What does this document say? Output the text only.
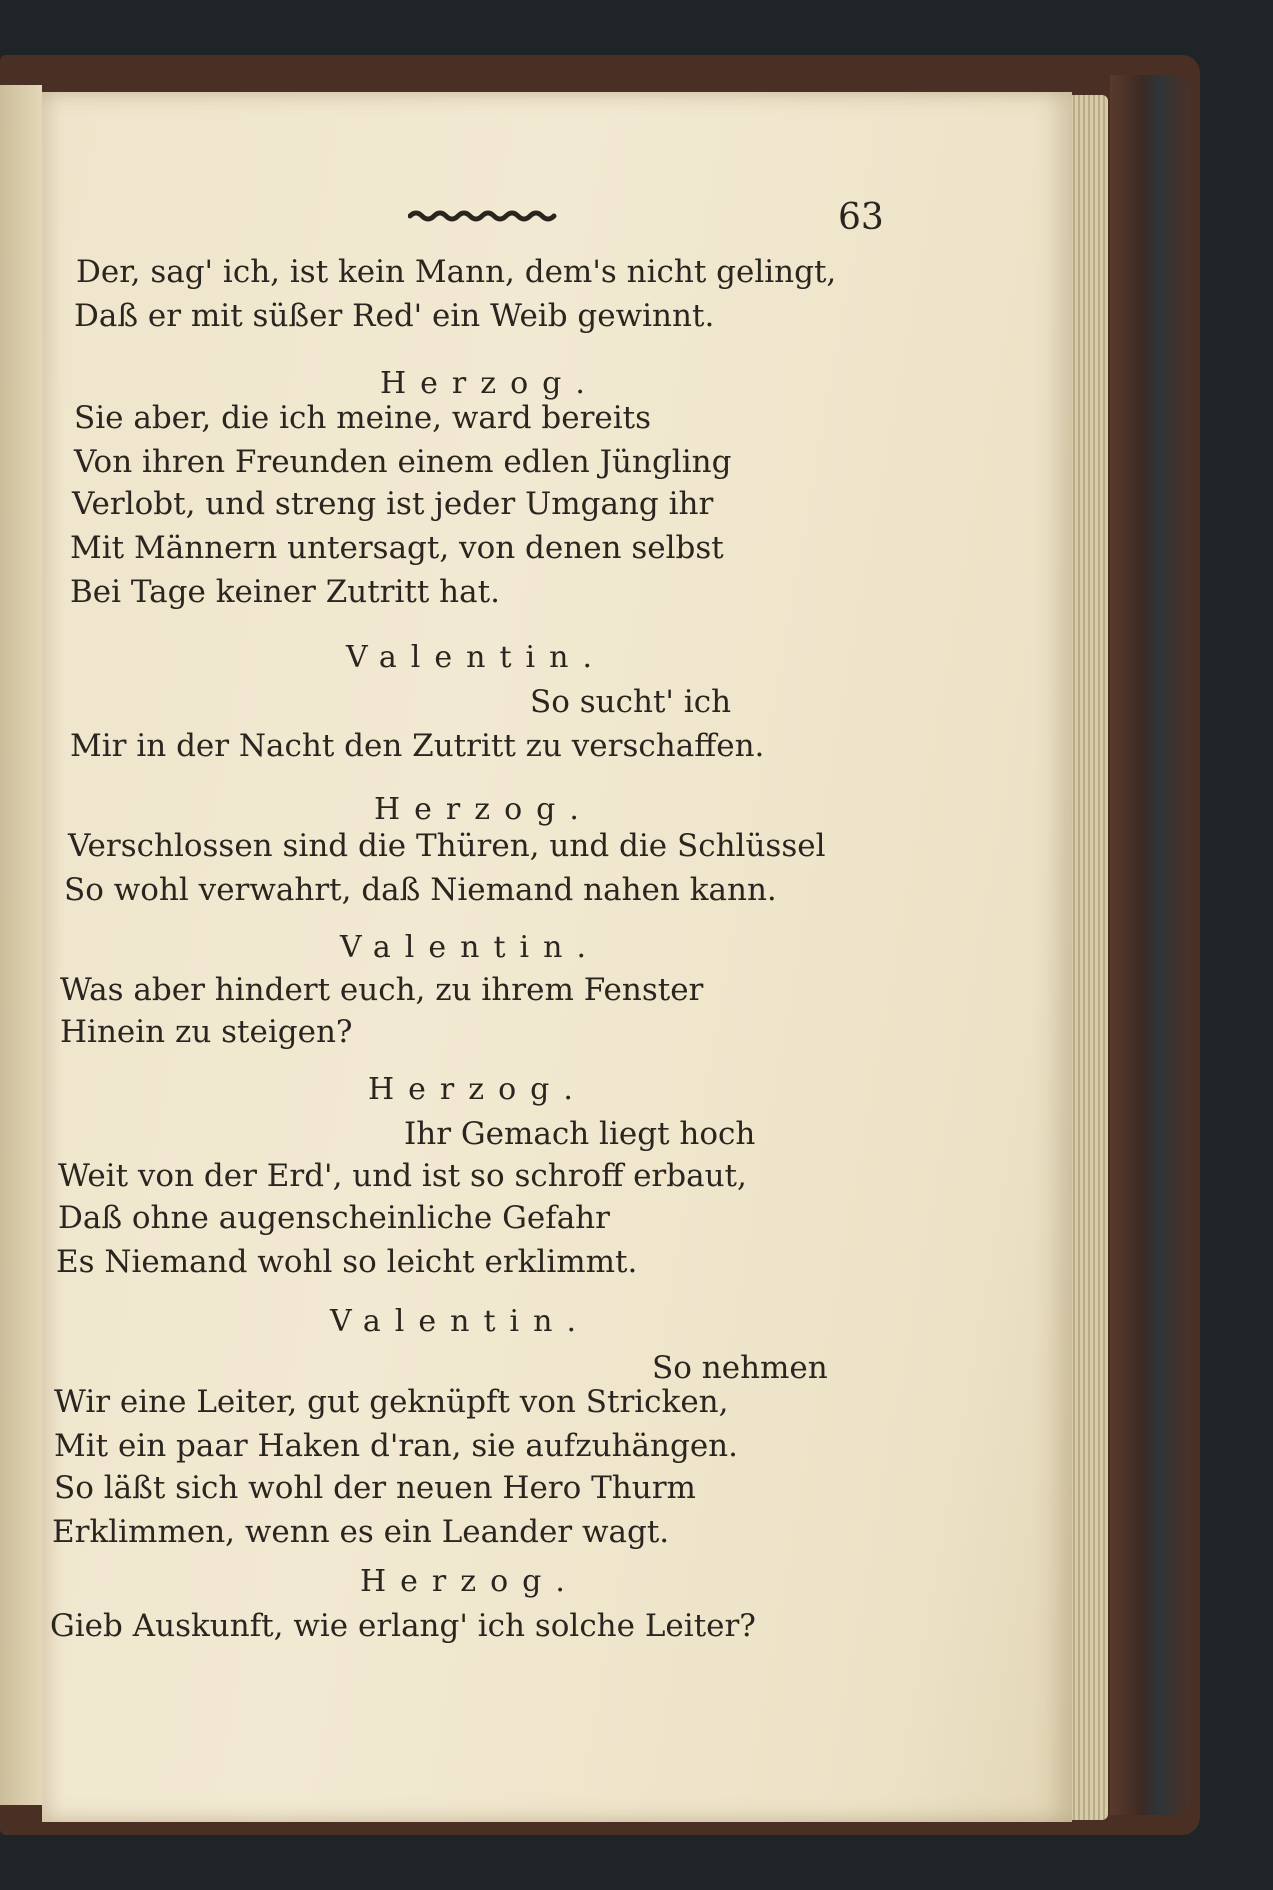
63
Der, sag' ich, ist kein Mann, dem's nicht gelingt,
Daß er mit süßer Red' ein Weib gewinnt.
Herzog.
Sie aber, die ich meine, ward bereits
Von ihren Freunden einem edlen Jüngling
Verlobt, und streng ist jeder Umgang ihr
Mit Männern untersagt, von denen selbst
Bei Tage keiner Zutritt hat.
Valentin.
So sucht' ich
Mir in der Nacht den Zutritt zu verschaffen.
Herzog.
Verschlossen sind die Thüren, und die Schlüssel
So wohl verwahrt, daß Niemand nahen kann.
Valentin.
Was aber hindert euch, zu ihrem Fenster
Hinein zu steigen?
Herzog.
Ihr Gemach liegt hoch
Weit von der Erd', und ist so schroff erbaut,
Daß ohne augenscheinliche Gefahr
Es Niemand wohl so leicht erklimmt.
Valentin.
So nehmen
Wir eine Leiter, gut geknüpft von Stricken,
Mit ein paar Haken d'ran, sie aufzuhängen.
So läßt sich wohl der neuen Hero Thurm
Erklimmen, wenn es ein Leander wagt.
Herzog.
Gieb Auskunft, wie erlang' ich solche Leiter?
